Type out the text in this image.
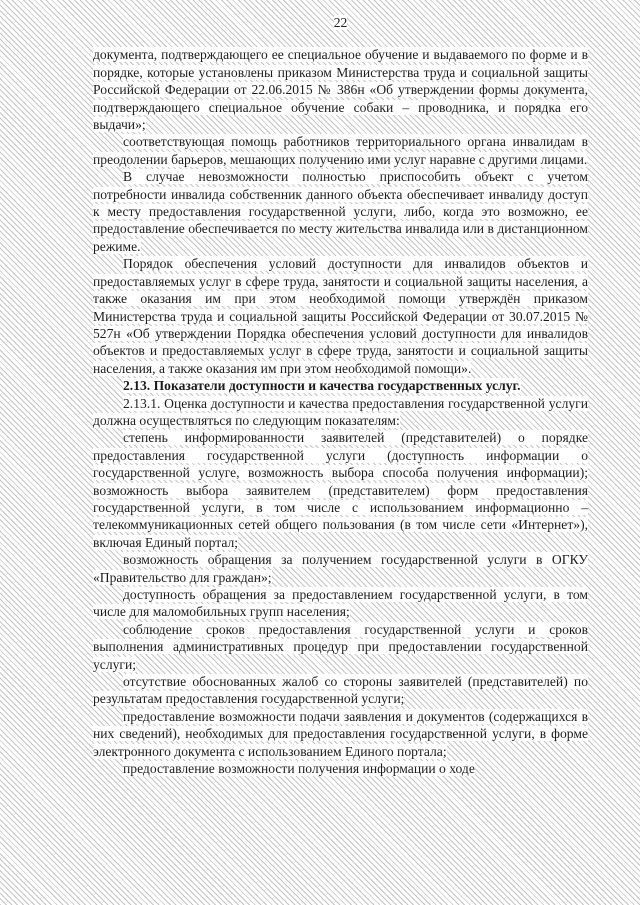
22

документа, подтверждающего ее специальное обучение и выдаваемого по форме и в порядке, которые установлены приказом Министерства труда и социальной защиты Российской Федерации от 22.06.2015 № 386н «Об утверждении формы документа, подтверждающего специальное обучение собаки – проводника, и порядка его выдачи»;

соответствующая помощь работников территориального органа инвалидам в преодолении барьеров, мешающих получению ими услуг наравне с другими лицами.

В случае невозможности полностью приспособить объект с учетом потребности инвалида собственник данного объекта обеспечивает инвалиду доступ к месту предоставления государственной услуги, либо, когда это возможно, ее предоставление обеспечивается по месту жительства инвалида или в дистанционном режиме.

Порядок обеспечения условий доступности для инвалидов объектов и предоставляемых услуг в сфере труда, занятости и социальной защиты населения, а также оказания им при этом необходимой помощи утверждён приказом Министерства труда и социальной защиты Российской Федерации от 30.07.2015 № 527н «Об утверждении Порядка обеспечения условий доступности для инвалидов объектов и предоставляемых услуг в сфере труда, занятости и социальной защиты населения, а также оказания им при этом необходимой помощи».

2.13. Показатели доступности и качества государственных услуг.

2.13.1. Оценка доступности и качества предоставления государственной услуги должна осуществляться по следующим показателям:

степень информированности заявителей (представителей) о порядке предоставления государственной услуги (доступность информации о государственной услуге, возможность выбора способа получения информации); возможность выбора заявителем (представителем) форм предоставления государственной услуги, в том числе с использованием информационно – телекоммуникационных сетей общего пользования (в том числе сети «Интернет»), включая Единый портал;

возможность обращения за получением государственной услуги в ОГКУ «Правительство для граждан»;

доступность обращения за предоставлением государственной услуги, в том числе для маломобильных групп населения;

соблюдение сроков предоставления государственной услуги и сроков выполнения административных процедур при предоставлении государственной услуги;

отсутствие обоснованных жалоб со стороны заявителей (представителей) по результатам предоставления государственной услуги;

предоставление возможности подачи заявления и документов (содержащихся в них сведений), необходимых для предоставления государственной услуги, в форме электронного документа с использованием Единого портала;

предоставление возможности получения информации о ходе
